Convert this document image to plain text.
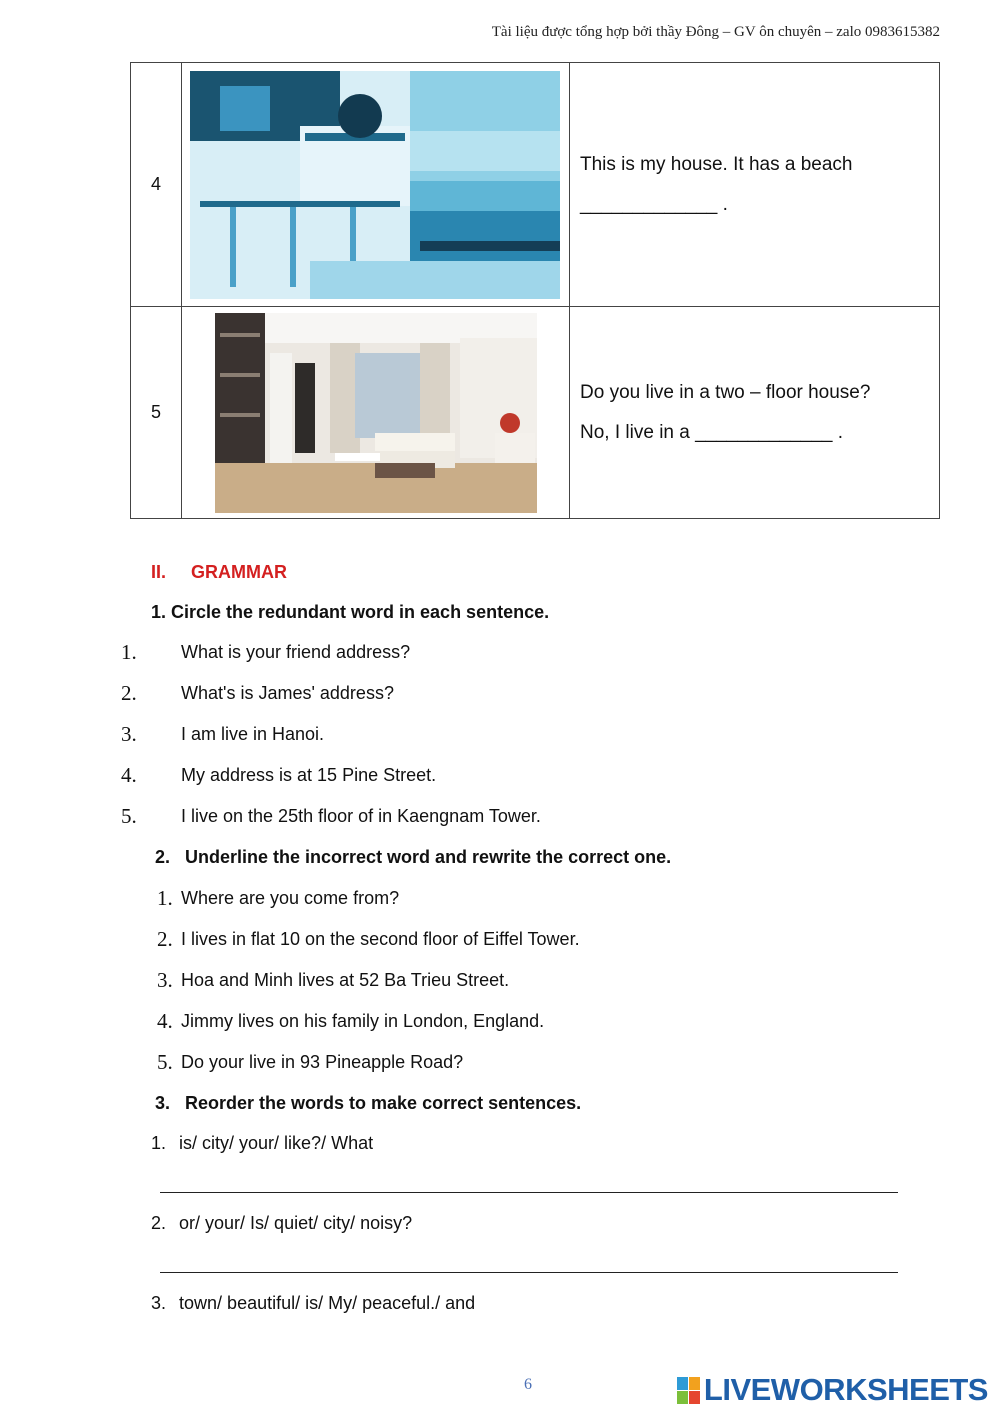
Tài liệu được tổng hợp bởi thầy Đông – GV ôn chuyên – zalo 0983615382
4		This is my house. It has a beach
_____________ .

5		Do you live in a two – floor house?
No, I live in a _____________ .
II. GRAMMAR
1. Circle the redundant word in each sentence.
1. What is your friend address?
2. What's is James' address?
3. I am live in Hanoi.
4. My address is at 15 Pine Street.
5. I live on the 25th floor of in Kaengnam Tower.
2.   Underline the incorrect word and rewrite the correct one.
1. Where are you come from?
2. I lives in flat 10 on the second floor of Eiffel Tower.
3. Hoa and Minh lives at 52 Ba Trieu Street.
4. Jimmy lives on his family in London, England.
5. Do your live in 93 Pineapple Road?
3.   Reorder the words to make correct sentences.
1. is/ city/ your/ like?/ What
2. or/ your/ Is/ quiet/ city/ noisy?
3. town/ beautiful/ is/ My/ peaceful./ and
6	LIVEWORKSHEETS
